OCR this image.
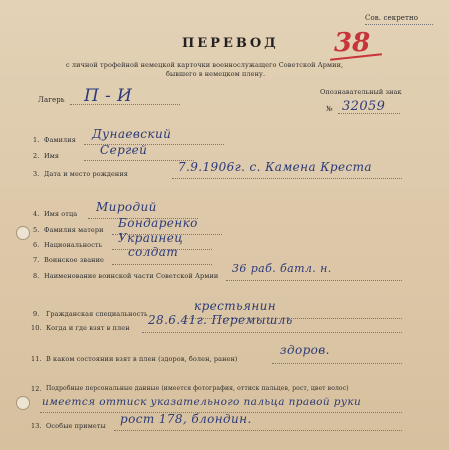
Сов. секретно
ПЕРЕВОД 38
с личной трофейной немецкой карточки военнослужащего Советской Армии,
бывшего в немецком плену.
Лагерь П - И	Опознавательный знак
№ 32059
1. Фамилия Дунаевский
2. Имя	Сергей
3. Дата и место рождения	7.9.1906г. с. Камена Креста
4. Имя отца Миродий
5. Фамилия матери Бондаренко
6. Национальность Украинец
7. Воинское звание
солдат
8. Наименование воинской части Советской Армии
36 раб. батл. н.
9. Гражданская специальность
крестьянин
10. Когда и где взят в плен
28.6.41г. Перемышль
11. В каком состоянии взят в плен (здоров, болен, ранен)
здоров.
12. Подробные персональные данные (имеется фотография, оттиск пальцев, рост, цвет волос)
имеется оттиск указательного пальца правой руки
13. Особые приметы рост 178, блондин.
